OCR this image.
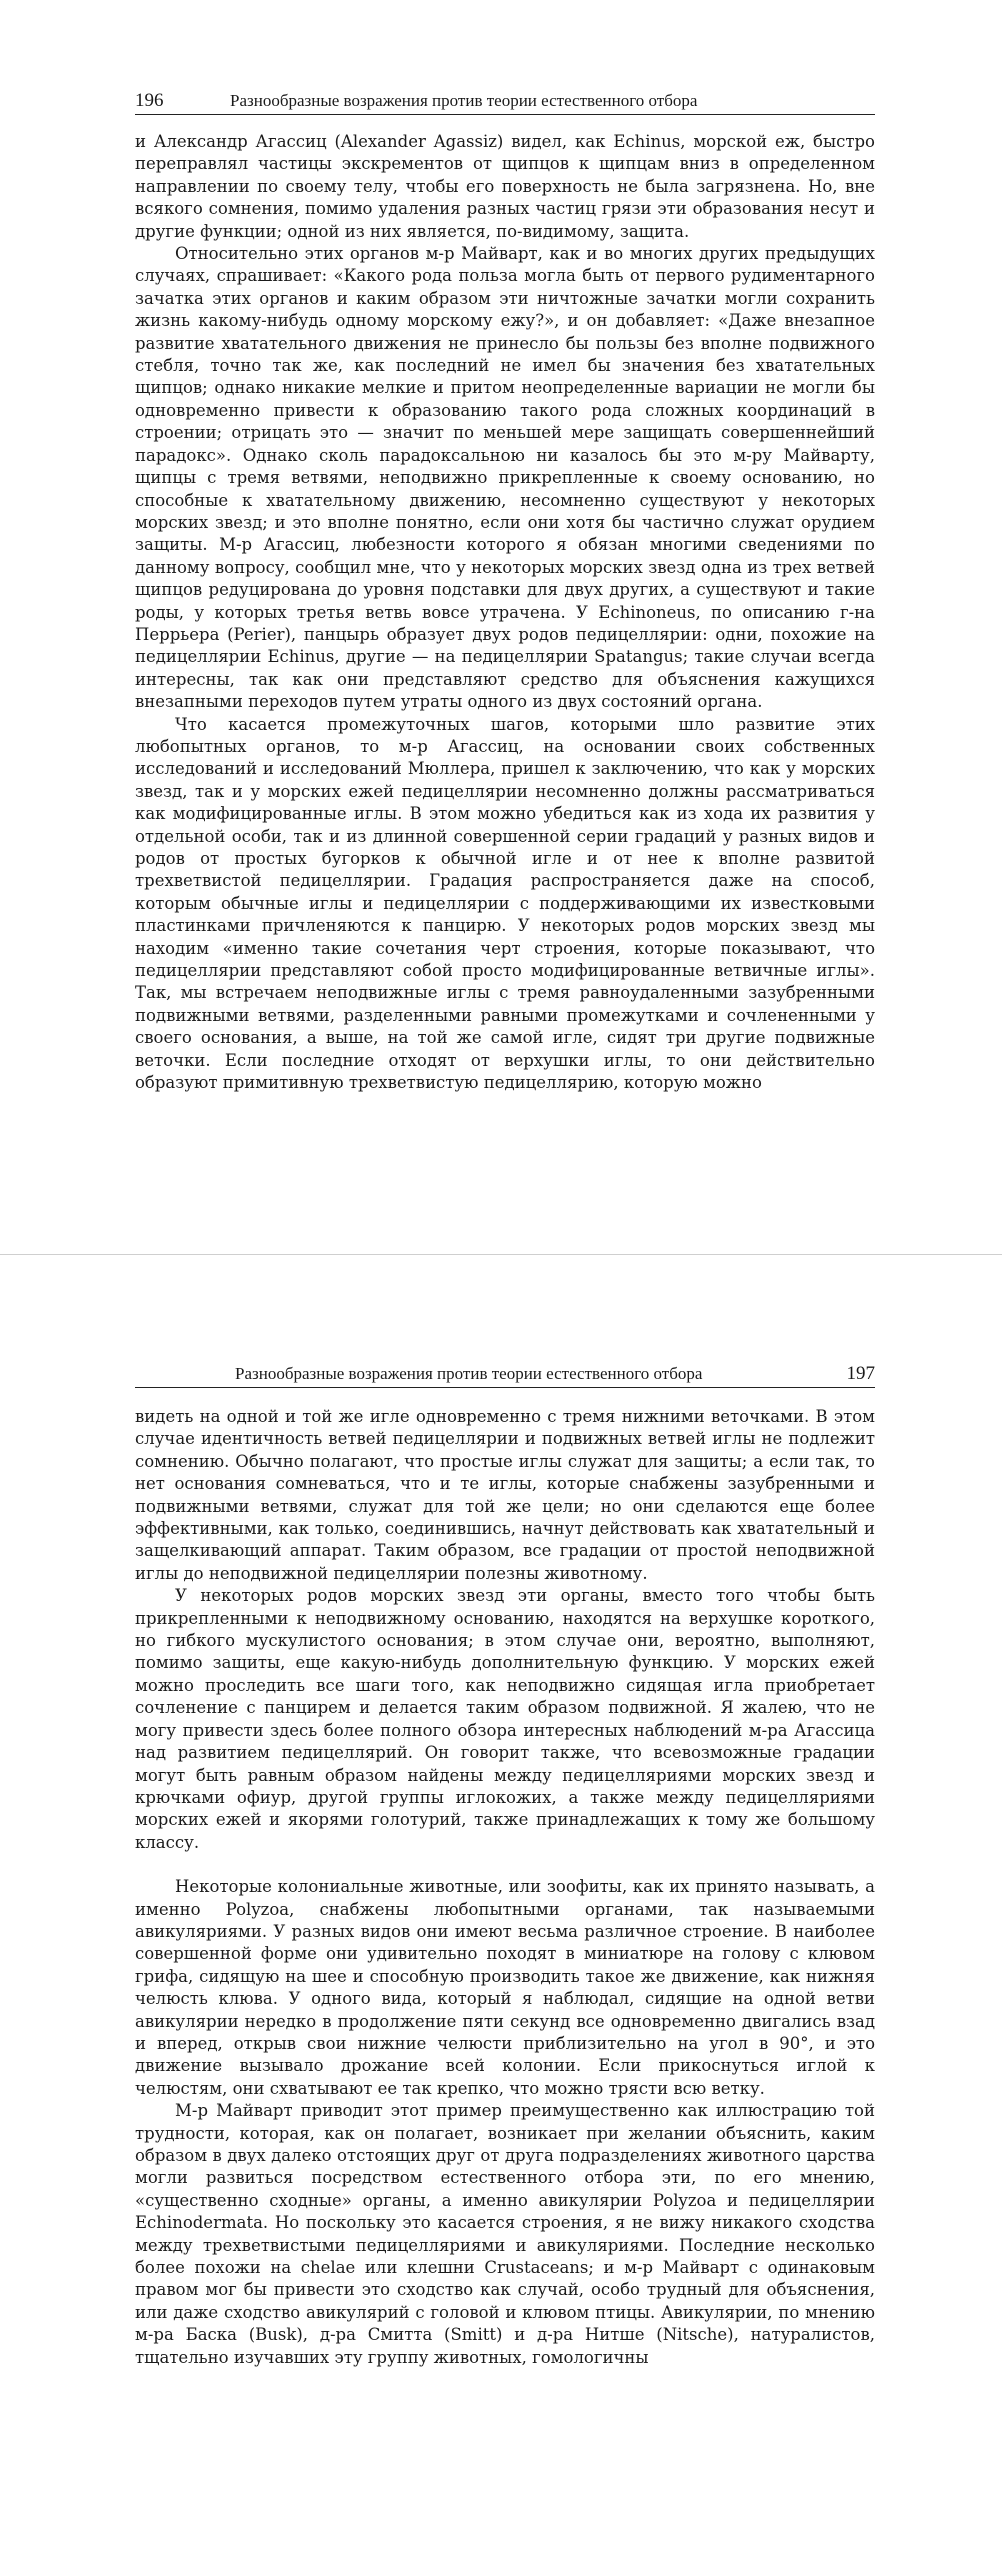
196	Разнообразные возражения против теории естественного отбора

и Александр Агассиц (Alexander Agassiz) видел, как Echinus, морской еж, быстро переправлял частицы экскрементов от щипцов к щипцам вниз в определенном направлении по своему телу, чтобы его поверхность не была загрязнена. Но, вне всякого сомнения, помимо удаления разных частиц грязи эти образования несут и другие функции; одной из них является, по-видимому, защита.

Относительно этих органов м-р Майварт, как и во многих других предыдущих случаях, спрашивает: «Какого рода польза могла быть от первого рудиментарного зачатка этих органов и каким образом эти ничтожные зачатки могли сохранить жизнь какому-нибудь одному морскому ежу?», и он добавляет: «Даже внезапное развитие хватательного движения не принесло бы пользы без вполне подвижного стебля, точно так же, как последний не имел бы значения без хватательных щипцов; однако никакие мелкие и притом неопределенные вариации не могли бы одновременно привести к образованию такого рода сложных координаций в строении; отрицать это — значит по меньшей мере защищать совершеннейший парадокс». Однако сколь парадоксальною ни казалось бы это м-ру Майварту, щипцы с тремя ветвями, неподвижно прикрепленные к своему основанию, но способные к хватательному движению, несомненно существуют у некоторых морских звезд; и это вполне понятно, если они хотя бы частично служат орудием защиты. М-р Агассиц, любезности которого я обязан многими сведениями по данному вопросу, сообщил мне, что у некоторых морских звезд одна из трех ветвей щипцов редуцирована до уровня подставки для двух других, а существуют и такие роды, у которых третья ветвь вовсе утрачена. У Echinoneus, по описанию г-на Перрьера (Perier), панцырь образует двух родов педицеллярии: одни, похожие на педицеллярии Echinus, другие — на педицеллярии Spatangus; такие случаи всегда интересны, так как они представляют средство для объяснения кажущихся внезапными переходов путем утраты одного из двух состояний органа.

Что касается промежуточных шагов, которыми шло развитие этих любопытных органов, то м-р Агассиц, на основании своих собственных исследований и исследований Мюллера, пришел к заключению, что как у морских звезд, так и у морских ежей педицеллярии несомненно должны рассматриваться как модифицированные иглы. В этом можно убедиться как из хода их развития у отдельной особи, так и из длинной совершенной серии градаций у разных видов и родов от простых бугорков к обычной игле и от нее к вполне развитой трехветвистой педицеллярии. Градация распространяется даже на способ, которым обычные иглы и педицеллярии с поддерживающими их известковыми пластинками причленяются к панцирю. У некоторых родов морских звезд мы находим «именно такие сочетания черт строения, которые показывают, что педицеллярии представляют собой просто модифицированные ветвичные иглы». Так, мы встречаем неподвижные иглы с тремя равноудаленными зазубренными подвижными ветвями, разделенными равными промежутками и сочлененными у своего основания, а выше, на той же самой игле, сидят три другие подвижные веточки. Если последние отходят от верхушки иглы, то они действительно образуют примитивную трехветвистую педицеллярию, которую можно

Разнообразные возражения против теории естественного отбора	197

видеть на одной и той же игле одновременно с тремя нижними веточками. В этом случае идентичность ветвей педицеллярии и подвижных ветвей иглы не подлежит сомнению. Обычно полагают, что простые иглы служат для защиты; а если так, то нет основания сомневаться, что и те иглы, которые снабжены зазубренными и подвижными ветвями, служат для той же цели; но они сделаются еще более эффективными, как только, соединившись, начнут действовать как хватательный и защелкивающий аппарат. Таким образом, все градации от простой неподвижной иглы до неподвижной педицеллярии полезны животному.

У некоторых родов морских звезд эти органы, вместо того чтобы быть прикрепленными к неподвижному основанию, находятся на верхушке короткого, но гибкого мускулистого основания; в этом случае они, вероятно, выполняют, помимо защиты, еще какую-нибудь дополнительную функцию. У морских ежей можно проследить все шаги того, как неподвижно сидящая игла приобретает сочленение с панцирем и делается таким образом подвижной. Я жалею, что не могу привести здесь более полного обзора интересных наблюдений м-ра Агассица над развитием педицеллярий. Он говорит также, что всевозможные градации могут быть равным образом найдены между педицелляриями морских звезд и крючками офиур, другой группы иглокожих, а также между педицелляриями морских ежей и якорями голотурий, также принадлежащих к тому же большому классу.

Некоторые колониальные животные, или зоофиты, как их принято называть, а именно Polyzoa, снабжены любопытными органами, так называемыми авикуляриями. У разных видов они имеют весьма различное строение. В наиболее совершенной форме они удивительно походят в миниатюре на голову с клювом грифа, сидящую на шее и способную производить такое же движение, как нижняя челюсть клюва. У одного вида, который я наблюдал, сидящие на одной ветви авикулярии нередко в продолжение пяти секунд все одновременно двигались взад и вперед, открыв свои нижние челюсти приблизительно на угол в 90°, и это движение вызывало дрожание всей колонии. Если прикоснуться иглой к челюстям, они схватывают ее так крепко, что можно трясти всю ветку.

М-р Майварт приводит этот пример преимущественно как иллюстрацию той трудности, которая, как он полагает, возникает при желании объяснить, каким образом в двух далеко отстоящих друг от друга подразделениях животного царства могли развиться посредством естественного отбора эти, по его мнению, «существенно сходные» органы, а именно авикулярии Polyzoa и педицеллярии Echinodermata. Но поскольку это касается строения, я не вижу никакого сходства между трехветвистыми педицелляриями и авикуляриями. Последние несколько более похожи на chelae или клешни Crustaceans; и м-р Майварт с одинаковым правом мог бы привести это сходство как случай, особо трудный для объяснения, или даже сходство авикулярий с головой и клювом птицы. Авикулярии, по мнению м-ра Баска (Busk), д-ра Смитта (Smitt) и д-ра Нитше (Nitsche), натуралистов, тщательно изучавших эту группу животных, гомологичны
